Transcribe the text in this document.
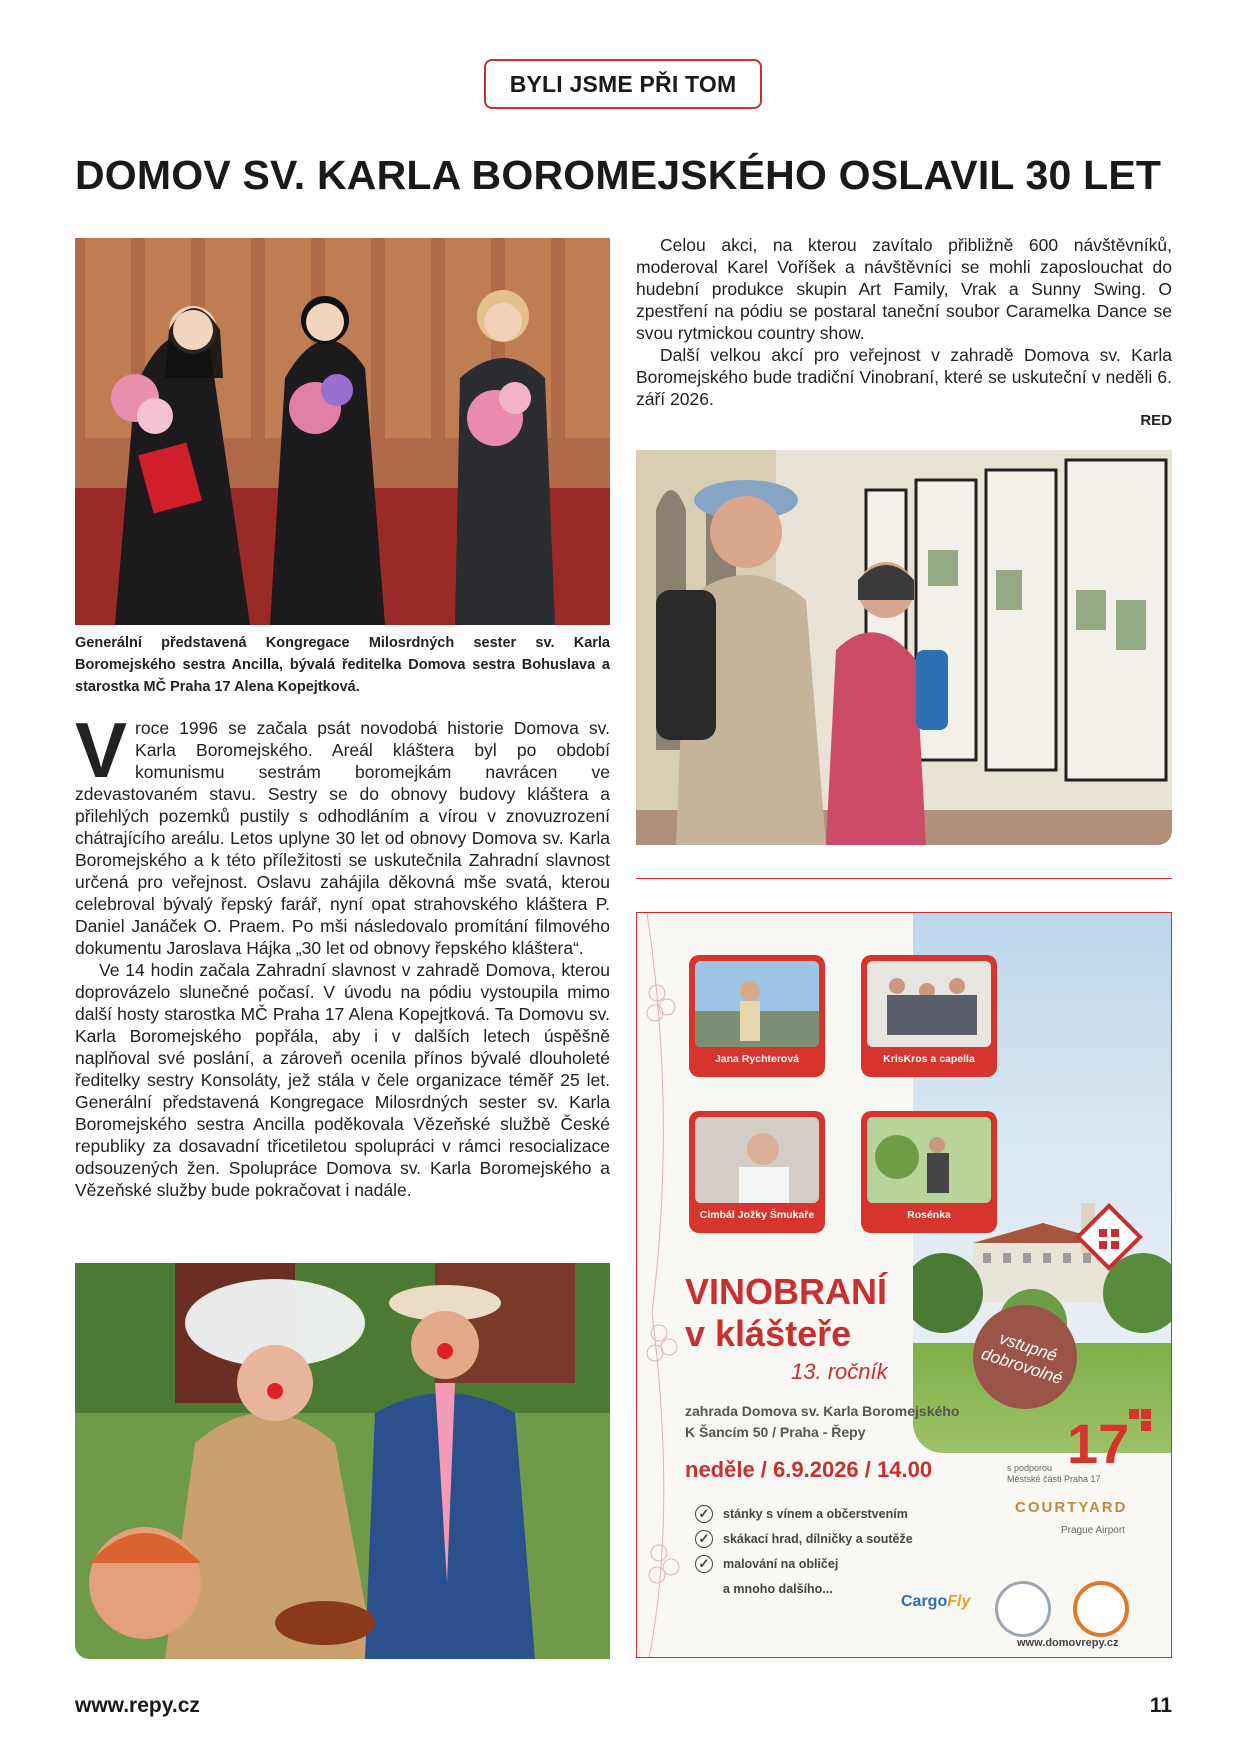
BYLI JSME PŘI TOM
DOMOV SV. KARLA BOROMEJSKÉHO OSLAVIL 30 LET
Generální představená Kongregace Milosrdných sester sv. Karla Boromejského sestra Ancilla, bývalá ředitelka Domova sestra Bohuslava a starostka MČ Praha 17 Alena Kopejtková.

Vroce 1996 se začala psát novodobá historie Domova sv. Karla Boromejského. Areál kláštera byl po období komunismu sestrám boromejkám navrácen ve zdevastovaném stavu. Sestry se do obnovy budovy kláštera a přilehlých pozemků pustily s odhodláním a vírou v znovuzrození chátrajícího areálu. Letos uplyne 30 let od obnovy Domova sv. Karla Boromejského a k této příležitosti se uskutečnila Zahradní slavnost určená pro veřejnost. Oslavu zahájila děkovná mše svatá, kterou celebroval bývalý řepský farář, nyní opat strahovského kláštera P. Daniel Janáček O. Praem. Po mši následovalo promítání filmového dokumentu Jaroslava Hájka „30 let od obnovy řepského kláštera“.

Ve 14 hodin začala Zahradní slavnost v zahradě Domova, kterou doprovázelo slunečné počasí. V úvodu na pódiu vystoupila mimo další hosty starostka MČ Praha 17 Alena Kopejtková. Ta Domovu sv. Karla Boromejského popřála, aby i v dalších letech úspěšně naplňoval své poslání, a zároveň ocenila přínos bývalé dlouholeté ředitelky sestry Konsoláty, jež stála v čele organizace téměř 25 let. Generální představená Kongregace Milosrdných sester sv. Karla Boromejského sestra Ancilla poděkovala Vězeňské službě České republiky za dosavadní třicetiletou spolupráci v rámci resocializace odsouzených žen. Spolupráce Domova sv. Karla Boromejského a Vězeňské služby bude pokračovat i nadále.

Celou akci, na kterou zavítalo přibližně 600 návštěvníků, moderoval Karel Voříšek a návštěvníci se mohli zaposlouchat do hudební produkce skupin Art Family, Vrak a Sunny Swing. O zpestření na pódiu se postaral taneční soubor Caramelka Dance se svou rytmickou country show.

Další velkou akcí pro veřejnost v zahradě Domova sv. Karla Boromejského bude tradiční Vinobraní, které se uskuteční v neděli 6. září 2026.

RED
Jana Rychterová	KrisKros a capella
Cimbál Jožky Šmukaře	Rosénka
VINOBRANÍ
v klášteře
13. ročník
vstupné dobrovolné
zahrada Domova sv. Karla Boromejského
K Šancím 50 / Praha - Řepy
neděle / 6.9.2026 / 14.00
✓ stánky s vínem a občerstvením
✓ skákací hrad, dílničky a soutěže
✓ malování na obličej
a mnoho dalšího...
17
s podporou
Městské části Praha 17
COURTYARD
Prague Airport
CargoFly
www.domovrepy.cz
www.repy.cz	11
